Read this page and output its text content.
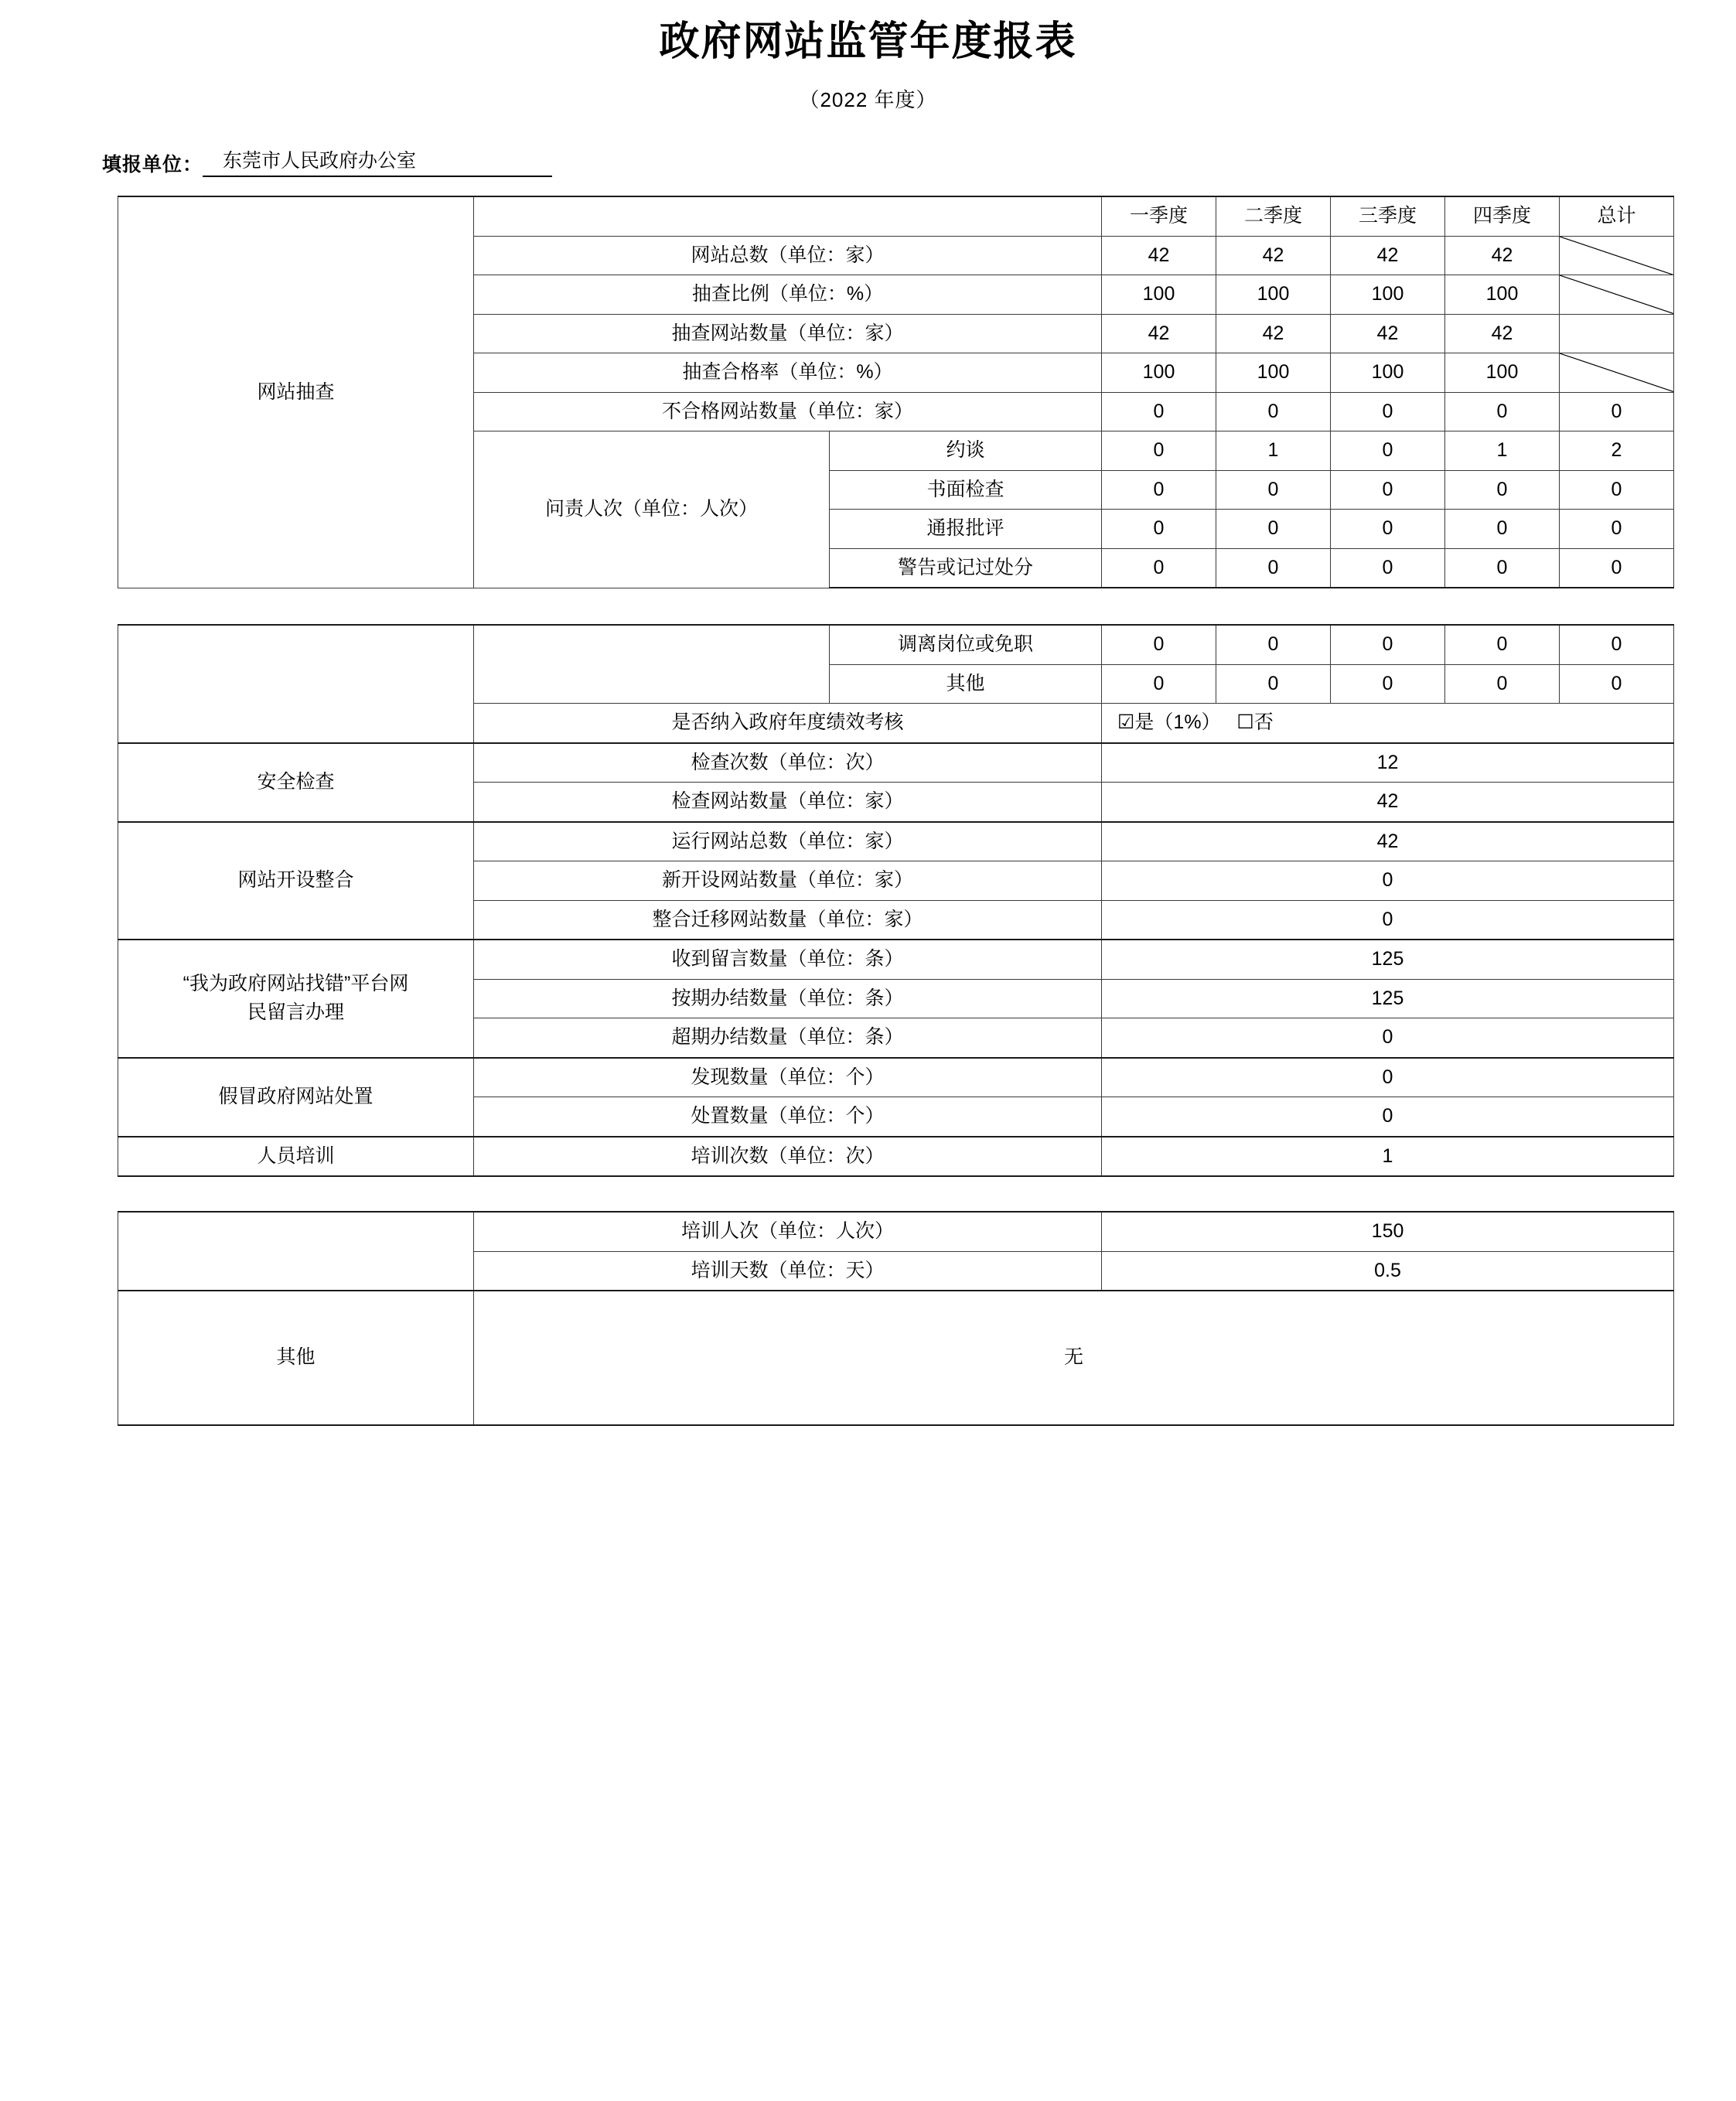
政府网站监管年度报表
（2022 年度）
填报单位：	东莞市人民政府办公室
网站抽查			一季度	二季度	三季度	四季度	总计
	网站总数（单位：家）		42	42	42	42	

	抽查比例（单位：%）		100	100	100	100	

	抽查网站数量（单位：家）		42	42	42	42	
	抽查合格率（单位：%）		100	100	100	100	

	不合格网站数量（单位：家）		0	0	0	0	0
	问责人次（单位：人次）	约谈	0	1	0	1	2
		书面检查	0	0	0	0	0
		通报批评	0	0	0	0	0
		警告或记过处分	0	0	0	0	0
		调离岗位或免职	0	0	0	0	0
		其他	0	0	0	0	0
	是否纳入政府年度绩效考核		☑是（1%） ☐否				
安全检查	检查次数（单位：次）		12				
	检查网站数量（单位：家）		42				
网站开设整合	运行网站总数（单位：家）		42				
	新开设网站数量（单位：家）		0				
	整合迁移网站数量（单位：家）		0				
“我为政府网站找错”平台网
民留言办理	收到留言数量（单位：条）		125				
	按期办结数量（单位：条）		125				
	超期办结数量（单位：条）		0				
假冒政府网站处置	发现数量（单位：个）		0				
	处置数量（单位：个）		0				
人员培训	培训次数（单位：次）		1				
	培训人次（单位：人次）	150
	培训天数（单位：天）	0.5
其他	无	
